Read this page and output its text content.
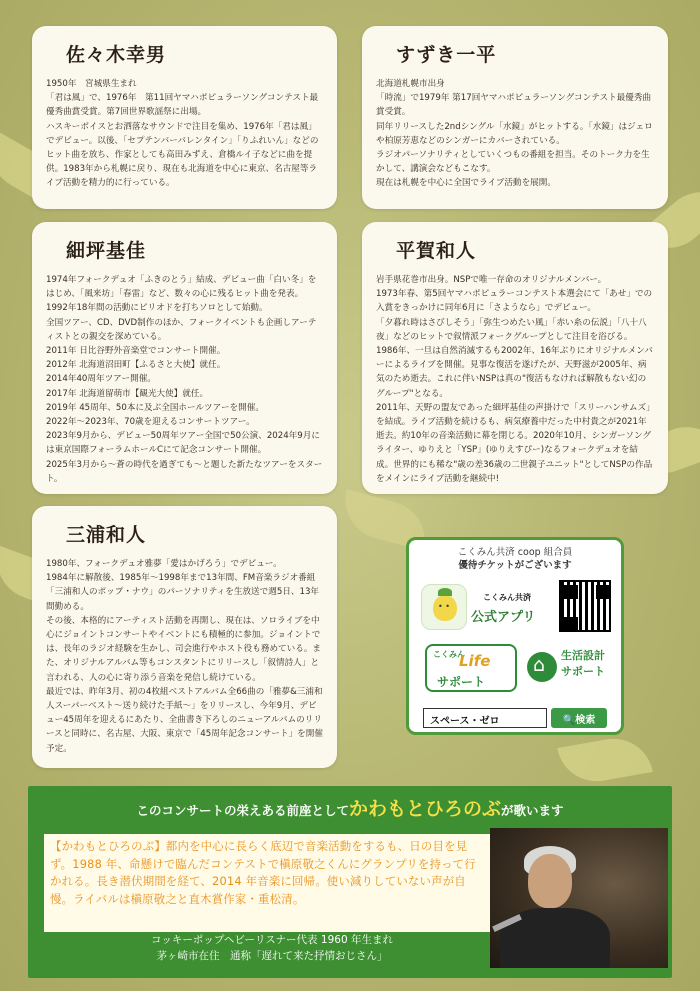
佐々木幸男
1950年　宮城県生まれ
「君は風」で、1976年　第11回ヤマハポピュラーソングコンテスト最優秀曲賞受賞。第7回世界歌謡祭に出場。
ハスキーボイスとお洒落なサウンドで注目を集め、1976年「君は風」でデビュー。以後、「セプテンバーバレンタイン」「りふれいん」などのヒット曲を放ち、作家としても高田みずえ、倉橋ルイ子などに曲を提供。1983年から札幌に戻り、現在も北海道を中心に東京、名古屋等ライブ活動を精力的に行っている。
すずき一平
北海道札幌市出身
「時流」で1979年 第17回ヤマハポピュラーソングコンテスト最優秀曲賞受賞。
同年リリースした2ndシングル「水鏡」がヒットする。「水鏡」はジェロや柏原芳恵などのシンガーにカバーされている。
ラジオパーソナリティとしていくつもの番組を担当。そのトーク力を生かして、講演会などもこなす。
現在は札幌を中心に全国でライブ活動を展開。
細坪基佳
1974年フォークデュオ「ふきのとう」結成、デビュー曲「白い冬」をはじめ、「風来坊」「春雷」など、数々の心に残るヒット曲を発表。
1992年18年間の活動にピリオドを打ちソロとして始動。
全国ツアー、CD、DVD制作のほか、フォークイベントも企画しアーティストとの親交を深めている。
2011年 日比谷野外音楽堂でコンサート開催。
2012年 北海道沼田町【ふるさと大使】就任。
2014年40周年ツアー開催。
2017年 北海道留萌市【観光大使】就任。
2019年 45周年、50本に及ぶ全国ホールツアーを開催。
2022年～2023年、70歳を迎えるコンサートツアー。
2023年9月から、デビュー50周年ツアー全国で50公演、2024年9月には東京国際フォーラムホールCにて記念コンサート開催。
2025年3月から～蒼の時代を過ぎても～と題した新たなツアーをスタート。
平賀和人
岩手県花巻市出身。NSPで唯一存命のオリジナルメンバー。
1973年春、第5回ヤマハポピュラーコンテスト本選会にて「あせ」での入賞をきっかけに同年6月に「さようなら」でデビュー。
「夕暮れ時はさびしそう」「弥生つめたい風」「赤い糸の伝説」「八十八夜」などのヒットで叙情派フォークグループとして注目を浴びる。
1986年、一旦は自然消滅するも2002年、16年ぶりにオリジナルメンバーによるライブを開催。見事な復活を遂げたが、天野滋が2005年、病気のため逝去。これに伴いNSPは真の"復活もなければ解散もない幻のグループ"となる。
2011年、天野の盟友であった細坪基佳の声掛けで「スリーハンサムズ」を結成。ライブ活動を続けるも、病気療養中だった中村貴之が2021年逝去。約10年の音楽活動に幕を閉じる。2020年10月、シンガーソングライター、ゆりえと「YSP」(ゆりえすぴー)なるフォークデュオを結成。世界的にも稀な"歳の差36歳の二世親子ユニット"としてNSPの作品をメインにライブ活動を継続中!
三浦和人
1980年、フォークデュオ雅夢「愛はかげろう」でデビュー。
1984年に解散後、1985年～1998年まで13年間、FM音楽ラジオ番組「三浦和人のポップ・ナウ」のパーソナリティを生放送で週5日、13年間勤める。
その後、本格的にアーティスト活動を再開し、現在は、ソロライブを中心にジョイントコンサートやイベントにも積極的に参加。ジョイントでは、長年のラジオ経験を生かし、司会進行やホスト役も務めている。また、オリジナルアルバム等もコンスタントにリリースし「叙情詩人」と言われる、人の心に寄り添う音楽を発信し続けている。
最近では、昨年3月、初の4枚組ベストアルバム全66曲の「雅夢&三浦和人スーパーベスト～送り続けた手紙～」をリリースし、今年9月、デビュー45周年を迎えるにあたり、全曲書き下ろしのニューアルバムのリリースと同時に、名古屋、大阪、東京で「45周年記念コンサート」を開催予定。
こくみん共済 coop 組合員
優待チケットがございます
• •
こくみん共済
公式アプリ
こくみん
Life
サポート
⌂
生活設計
サポート
スペース・ゼロ	🔍検索
このコンサートの栄えある前座としてかわもとひろのぶが歌います
【かわもとひろのぶ】都内を中心に長らく底辺で音楽活動をするも、日の目を見ず。1988 年、命懸けで臨んだコンテストで槇原敬之くんにグランプリを持って行かれる。長き潜伏期間を経て、2014 年音楽に回帰。使い減りしていない声が自慢。ライバルは槇原敬之と直木賞作家・重松清。
コッキーポップヘビーリスナー代表 1960 年生まれ
茅ヶ崎市在住　通称「遅れて来た抒情おじさん」
